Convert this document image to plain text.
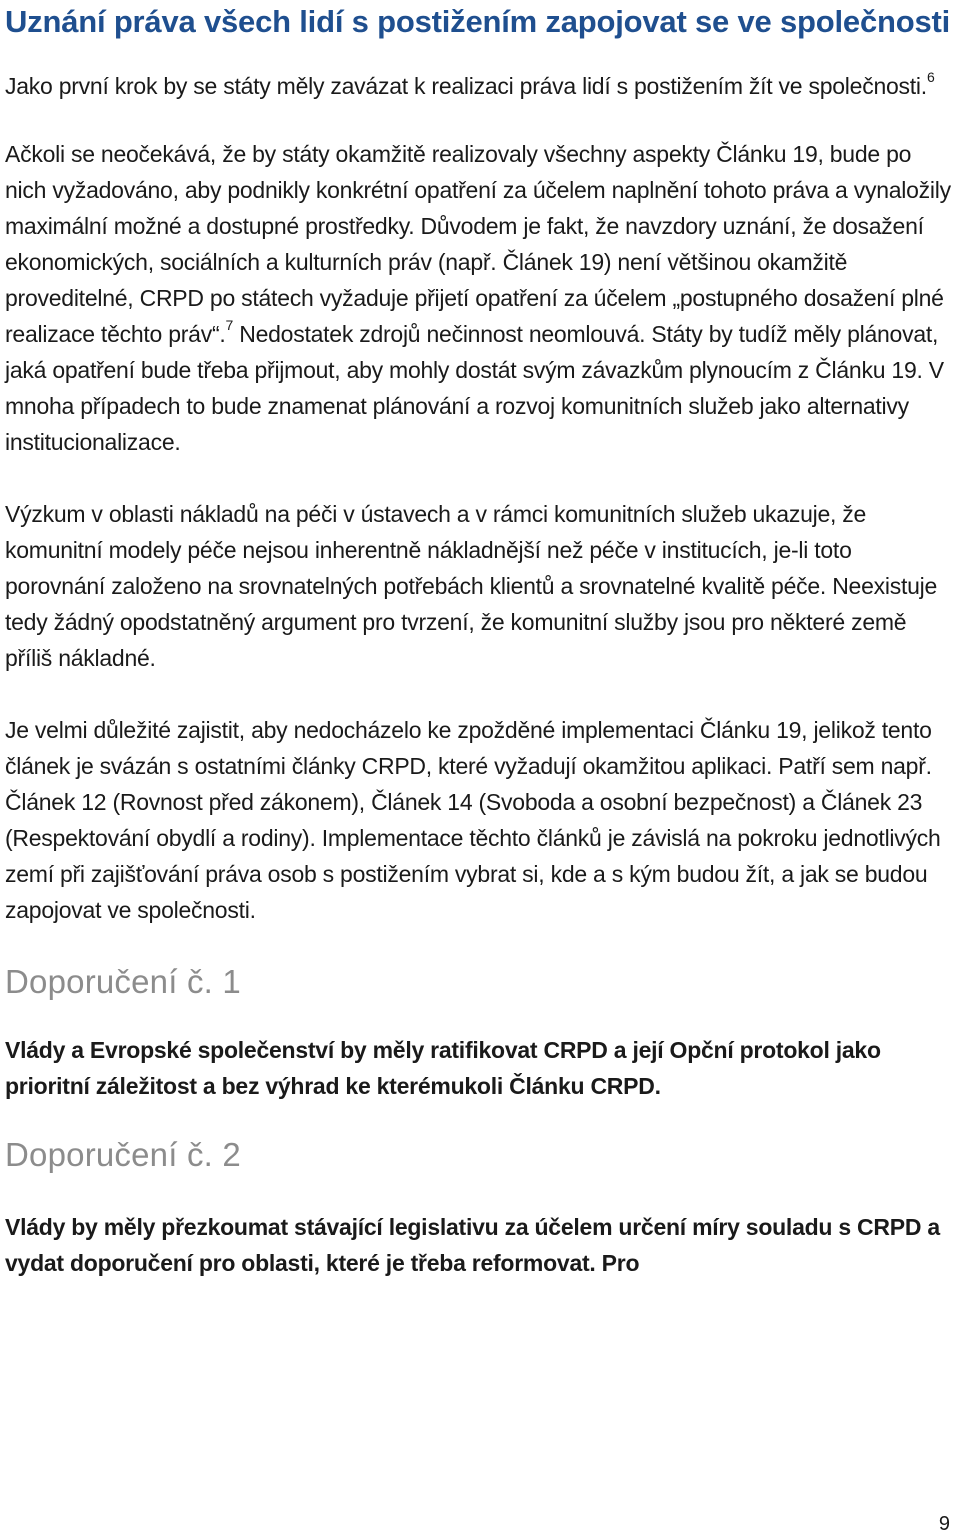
Uznání práva všech lidí s postižením zapojovat se ve společnosti

Jako první krok by se státy měly zavázat k realizaci práva lidí s postižením žít ve společnosti.$^6$

Ačkoli se neočekává, že by státy okamžitě realizovaly všechny aspekty Článku 19, bude po nich vyžadováno, aby podnikly konkrétní opatření za účelem naplnění tohoto práva a vynaložily maximální možné a dostupné prostředky. Důvodem je fakt, že navzdory uznání, že dosažení ekonomických, sociálních a kulturních práv (např. Článek 19) není většinou okamžitě proveditelné, CRPD po státech vyžaduje přijetí opatření za účelem „postupného dosažení plné realizace těchto práv“.$^7$ Nedostatek zdrojů nečinnost neomlouvá. Státy by tudíž měly plánovat, jaká opatření bude třeba přijmout, aby mohly dostát svým závazkům plynoucím z Článku 19. V mnoha případech to bude znamenat plánování a rozvoj komunitních služeb jako alternativy institucionalizace.

Výzkum v oblasti nákladů na péči v ústavech a v rámci komunitních služeb ukazuje, že komunitní modely péče nejsou inherentně nákladnější než péče v institucích, je-li toto porovnání založeno na srovnatelných potřebách klientů a srovnatelné kvalitě péče. Neexistuje tedy žádný opodstatněný argument pro tvrzení, že komunitní služby jsou pro některé země příliš nákladné.

Je velmi důležité zajistit, aby nedocházelo ke zpožděné implementaci Článku 19, jelikož tento článek je svázán s ostatními články CRPD, které vyžadují okamžitou aplikaci. Patří sem např. Článek 12 (Rovnost před zákonem), Článek 14 (Svoboda a osobní bezpečnost) a Článek 23 (Respektování obydlí a rodiny). Implementace těchto článků je závislá na pokroku jednotlivých zemí při zajišťování práva osob s postižením vybrat si, kde a s kým budou žít, a jak se budou zapojovat ve společnosti.

Doporučení č. 1

Vlády a Evropské společenství by měly ratifikovat CRPD a její Opční protokol jako prioritní záležitost a bez výhrad ke kterémukoli Článku CRPD.

Doporučení č. 2

Vlády by měly přezkoumat stávající legislativu za účelem určení míry souladu s CRPD a vydat doporučení pro oblasti, které je třeba reformovat. Pro

9
